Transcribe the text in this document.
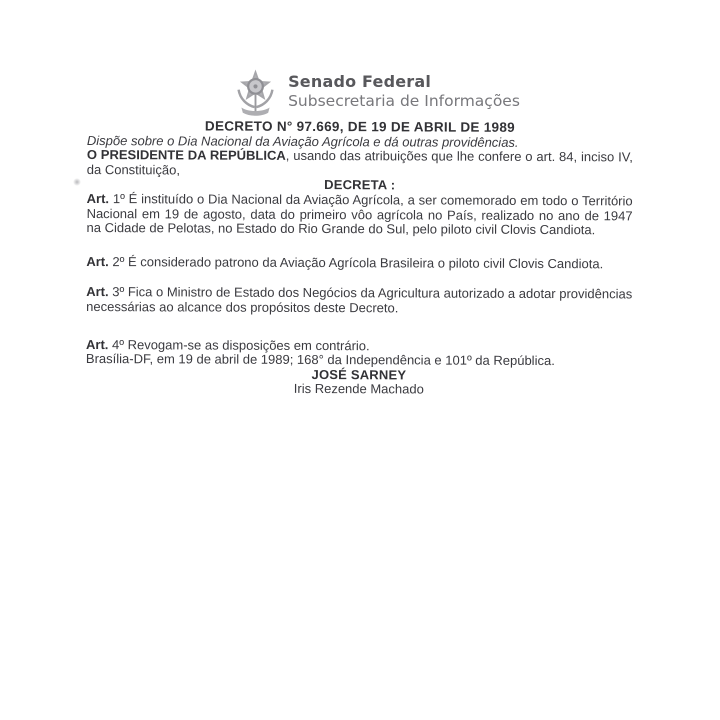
Senado Federal
Subsecretaria de Informações
DECRETO N° 97.669, DE 19 DE ABRIL DE 1989

Dispõe sobre o Dia Nacional da Aviação Agrícola e dá outras providências.

O PRESIDENTE DA REPÚBLICA, usando das atribuições que lhe confere o art. 84, inciso IV, da Constituição,

DECRETA :

Art. 1º É instituído o Dia Nacional da Aviação Agrícola, a ser comemorado em todo o Território Nacional em 19 de agosto, data do primeiro vôo agrícola no País, realizado no ano de 1947 na Cidade de Pelotas, no Estado do Rio Grande do Sul, pelo piloto civil Clovis Candiota.

Art. 2º É considerado patrono da Aviação Agrícola Brasileira o piloto civil Clovis Candiota.

Art. 3º Fica o Ministro de Estado dos Negócios da Agricultura autorizado a adotar providências necessárias ao alcance dos propósitos deste Decreto.

Art. 4º Revogam-se as disposições em contrário.

Brasília-DF, em 19 de abril de 1989; 168° da Independência e 101º da República.

JOSÉ SARNEY

Iris Rezende Machado
